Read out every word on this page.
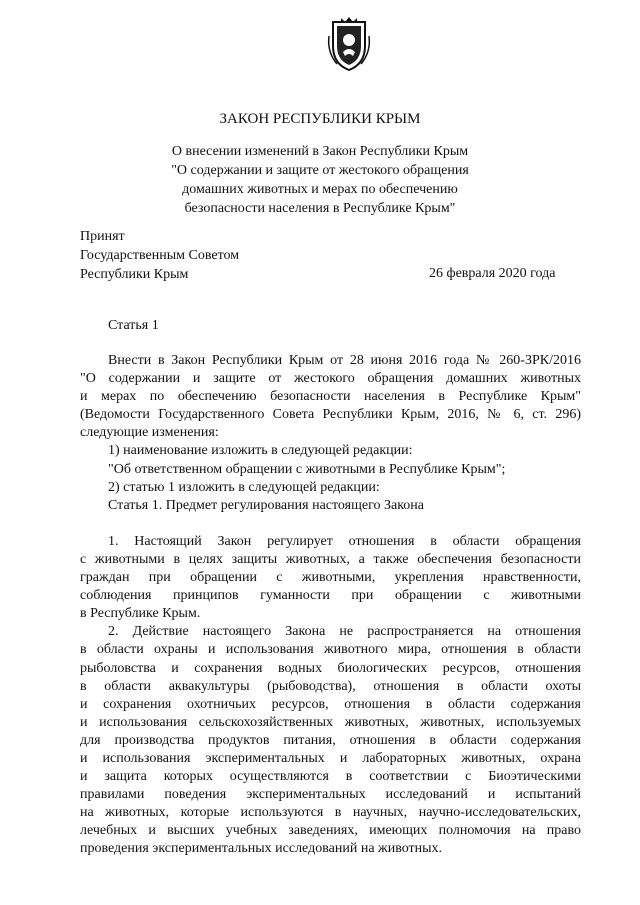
ЗАКОН РЕСПУБЛИКИ КРЫМ
О внесении изменений в Закон Республики Крым
"О содержании и защите от жестокого обращения
домашних животных и мерах по обеспечению
безопасности населения в Республике Крым"
Принят
Государственным Советом
Республики Крым	26 февраля 2020 года
Статья 1

Внести в Закон Республики Крым от 28 июня 2016 года № 260-ЗРК/2016

"О содержании и защите от жестокого обращения домашних животных

и мерах по обеспечению безопасности населения в Республике Крым"

(Ведомости Государственного Совета Республики Крым, 2016, № 6, ст. 296)

следующие изменения:

1) наименование изложить в следующей редакции:

"Об ответственном обращении с животными в Республике Крым";

2) статью 1 изложить в следующей редакции:

Статья 1. Предмет регулирования настоящего Закона

1. Настоящий Закон регулирует отношения в области обращения

с животными в целях защиты животных, а также обеспечения безопасности

граждан при обращении с животными, укрепления нравственности,

соблюдения принципов гуманности при обращении с животными

в Республике Крым.

2. Действие настоящего Закона не распространяется на отношения

в области охраны и использования животного мира, отношения в области

рыболовства и сохранения водных биологических ресурсов, отношения

в области аквакультуры (рыбоводства), отношения в области охоты

и сохранения охотничьих ресурсов, отношения в области содержания

и использования сельскохозяйственных животных, животных, используемых

для производства продуктов питания, отношения в области содержания

и использования экспериментальных и лабораторных животных, охрана

и защита которых осуществляются в соответствии с Биоэтическими

правилами поведения экспериментальных исследований и испытаний

на животных, которые используются в научных, научно-исследовательских,

лечебных и высших учебных заведениях, имеющих полномочия на право

проведения экспериментальных исследований на животных.
